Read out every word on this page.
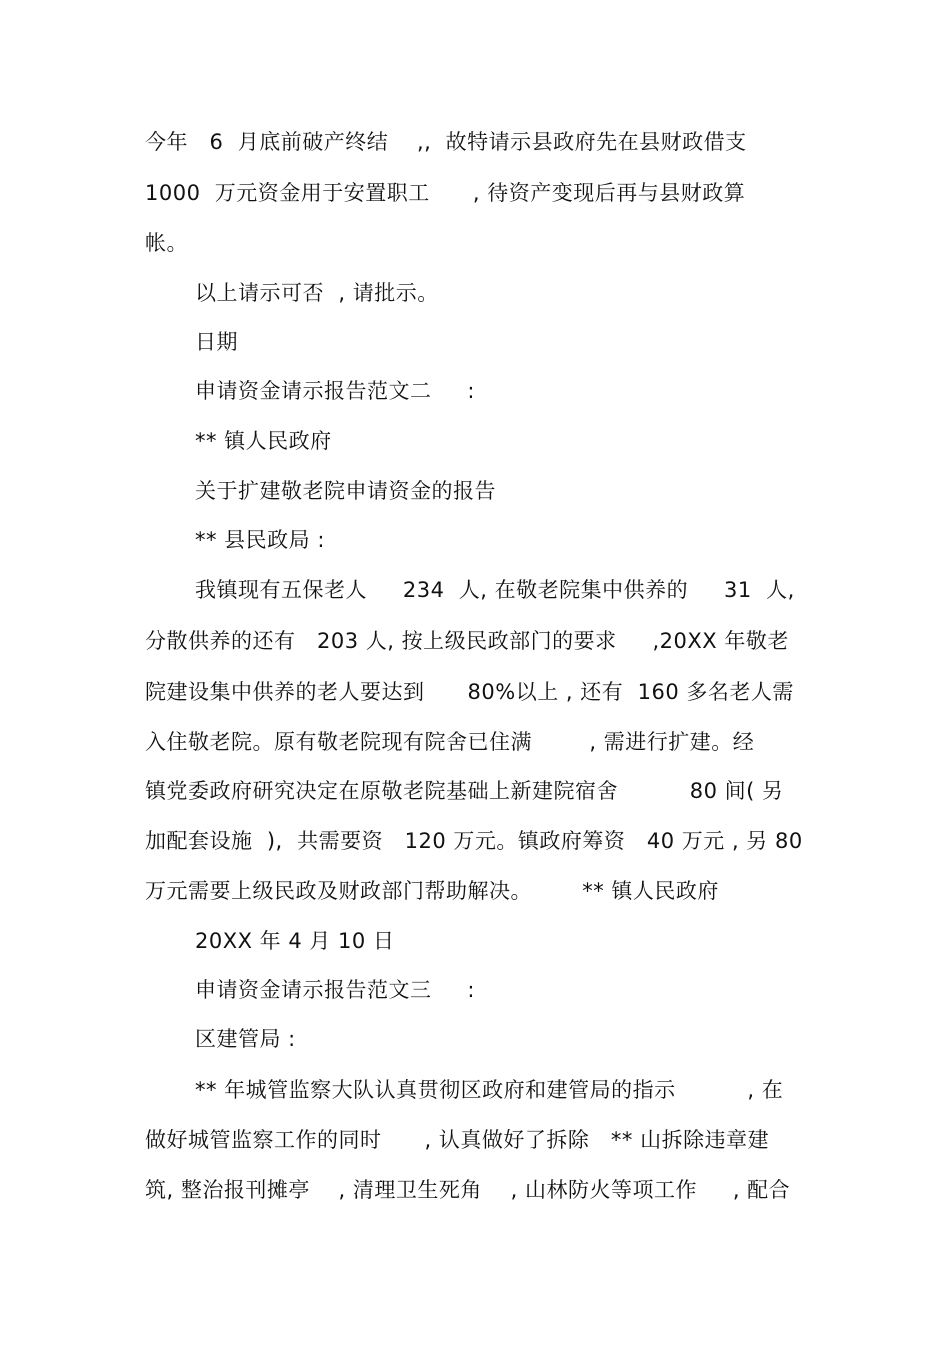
今年   6  月底前破产终结    ,,  故特请示县政府先在县财政借支
1000  万元资金用于安置职工      , 待资产变现后再与县财政算
帐。
以上请示可否  , 请批示。
日期
申请资金请示报告范文二     :
** 镇人民政府
关于扩建敬老院申请资金的报告
** 县民政局 :
我镇现有五保老人     234  人, 在敬老院集中供养的     31  人,
分散供养的还有   203 人, 按上级民政部门的要求     ,20XX 年敬老
院建设集中供养的老人要达到      80%以上 , 还有  160 多名老人需
入住敬老院。原有敬老院现有院舍已住满        , 需进行扩建。经
镇党委政府研究决定在原敬老院基础上新建院宿舍          80 间( 另
加配套设施  ),  共需要资   120 万元。镇政府筹资   40 万元 , 另 80
万元需要上级民政及财政部门帮助解决。       ** 镇人民政府
20XX 年 4 月 10 日
申请资金请示报告范文三     :
区建管局 :
** 年城管监察大队认真贯彻区政府和建管局的指示          , 在
做好城管监察工作的同时      , 认真做好了拆除   ** 山拆除违章建
筑, 整治报刊摊亭    , 清理卫生死角    , 山林防火等项工作     , 配合
